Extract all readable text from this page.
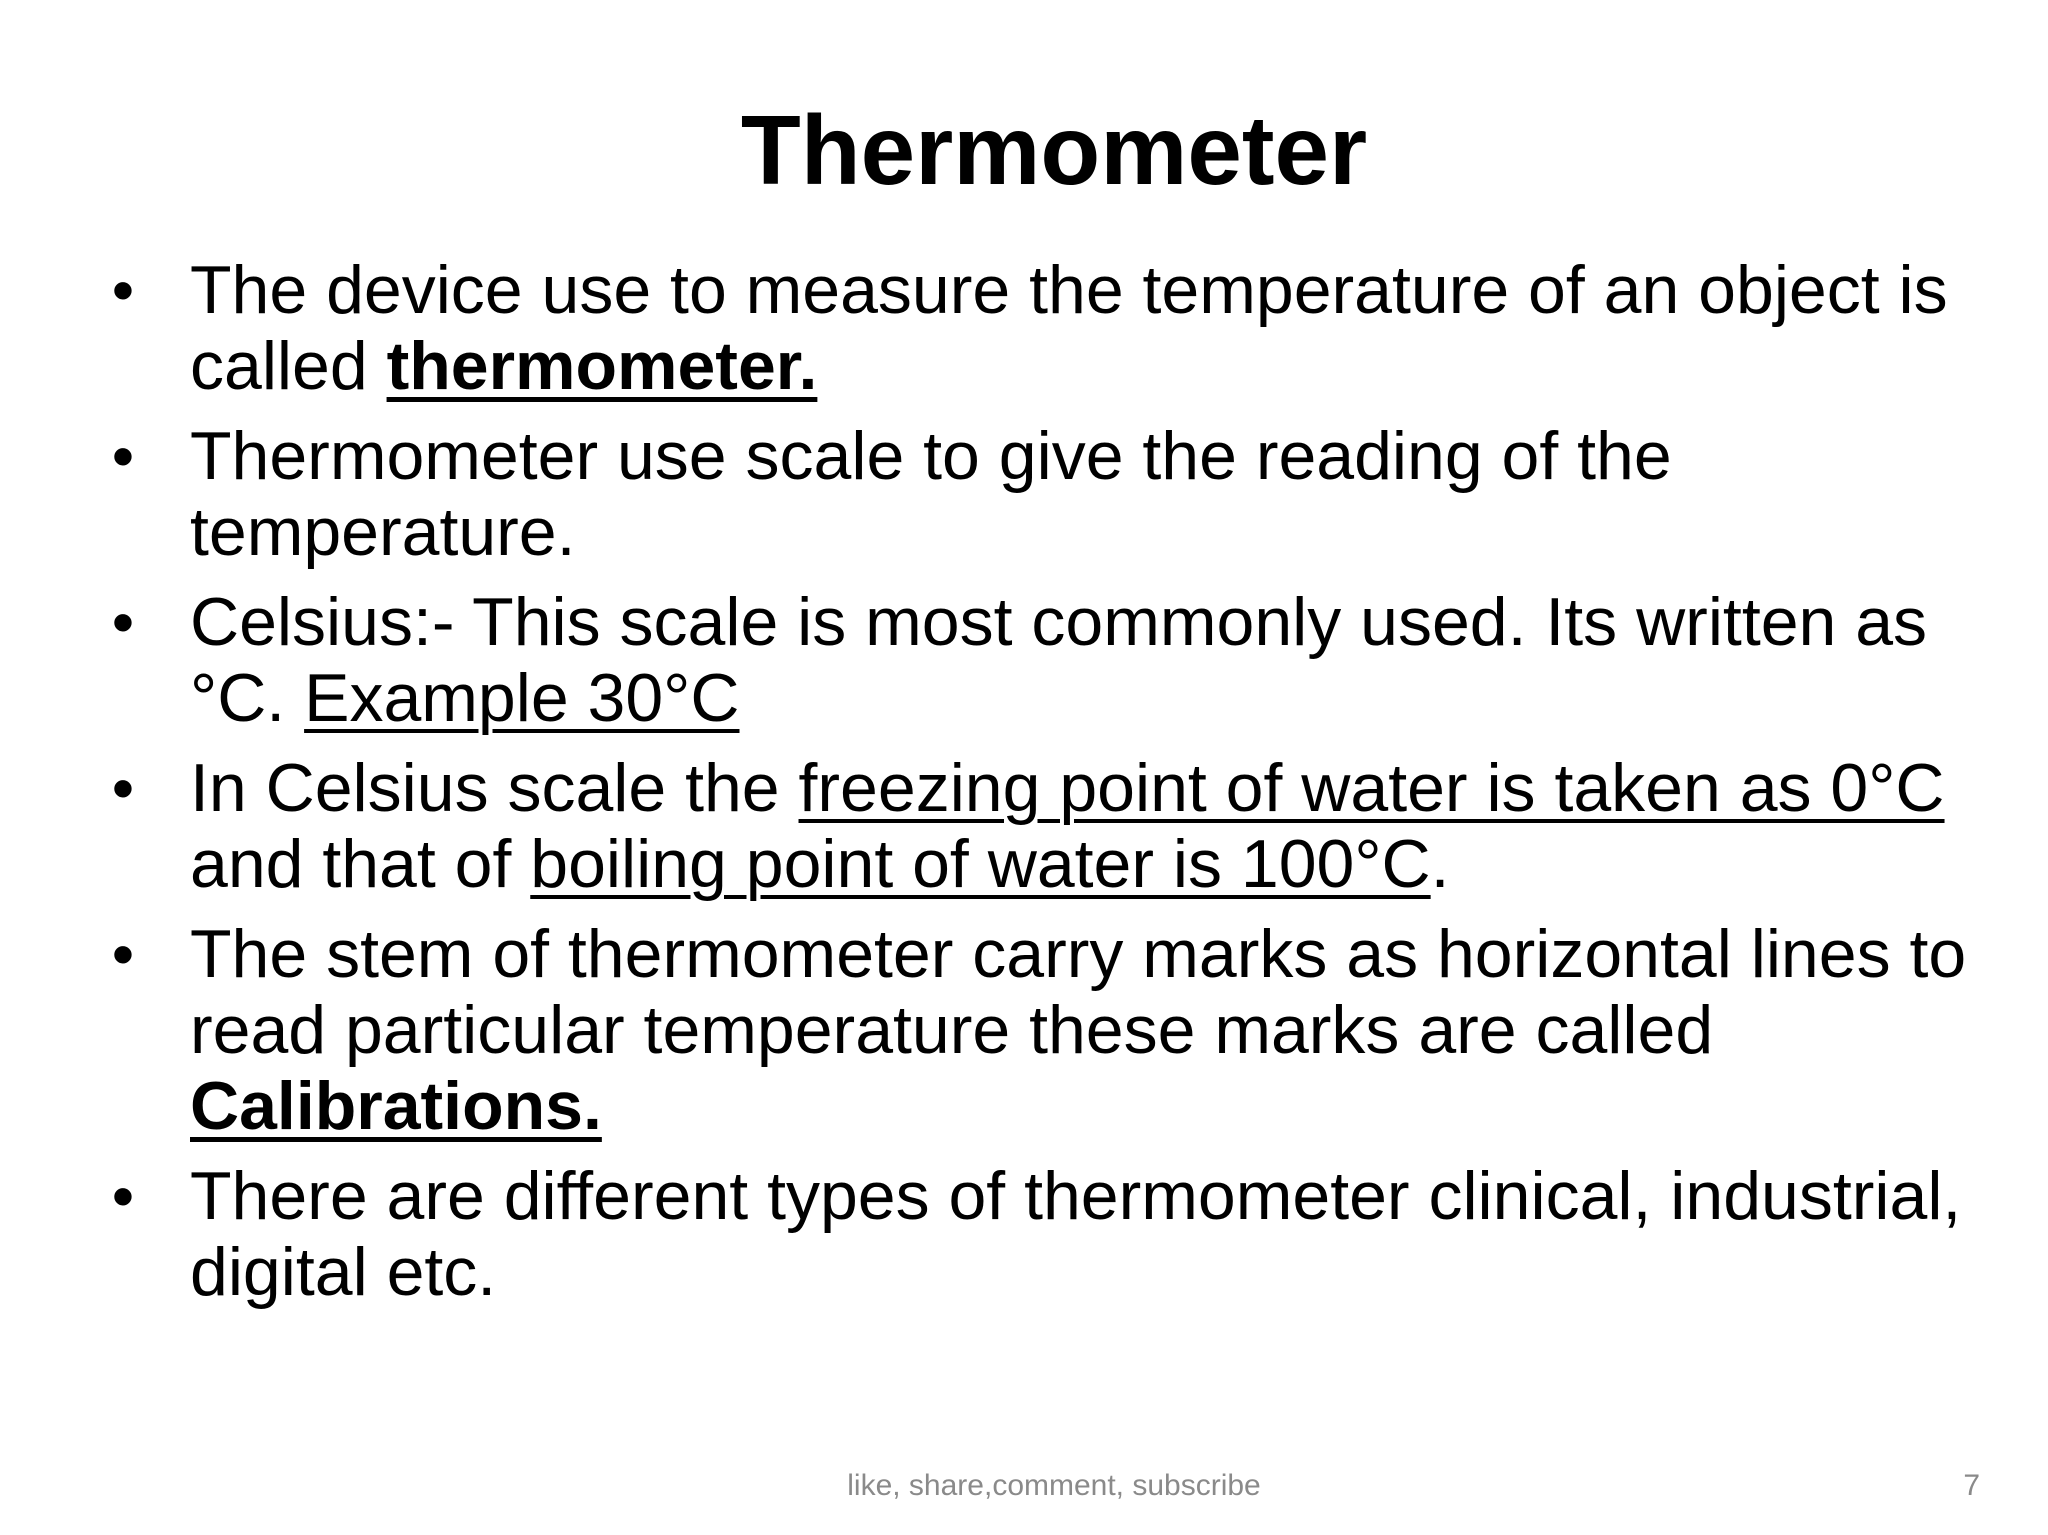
Thermometer
• The device use to measure the temperature of an object is called thermometer.
• Thermometer use scale to give the reading of the temperature.
• Celsius:- This scale is most commonly used. Its written as °C. Example 30°C
• In Celsius scale the freezing point of water is taken as 0°C and that of boiling point of water is 100°C.
• The stem of thermometer carry marks as horizontal lines to read particular temperature these marks are called Calibrations.
• There are different types of thermometer clinical, industrial, digital etc.
like, share,comment, subscribe	7
